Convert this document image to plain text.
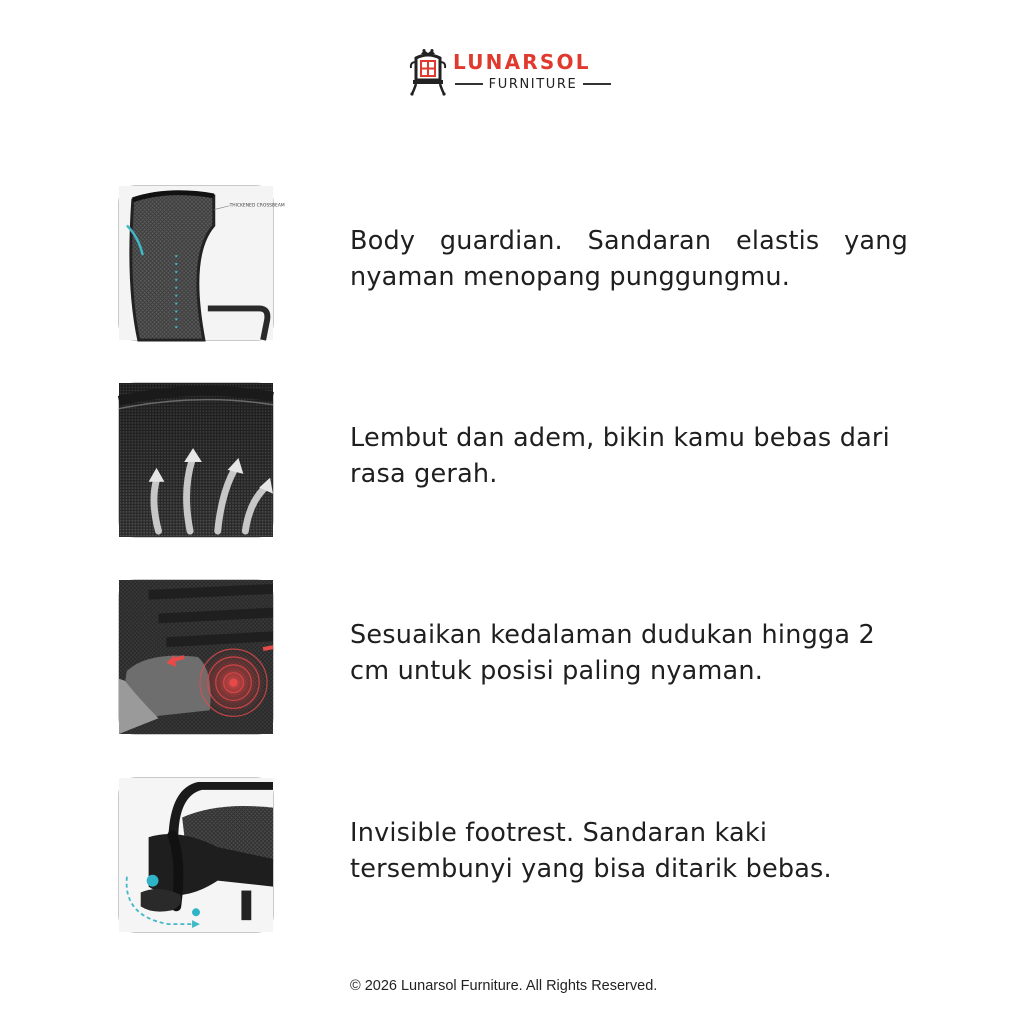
LUNARSOL
FURNITURE
THICKENED CROSSBEAM
Body guardian. Sandaran elastis yang nyaman menopang punggungmu.
Lembut dan adem, bikin kamu bebas dari rasa gerah.
Sesuaikan kedalaman dudukan hingga 2 cm untuk posisi paling nyaman.
Invisible footrest. Sandaran kaki tersembunyi yang bisa ditarik bebas.
© 2026 Lunarsol Furniture. All Rights Reserved.
